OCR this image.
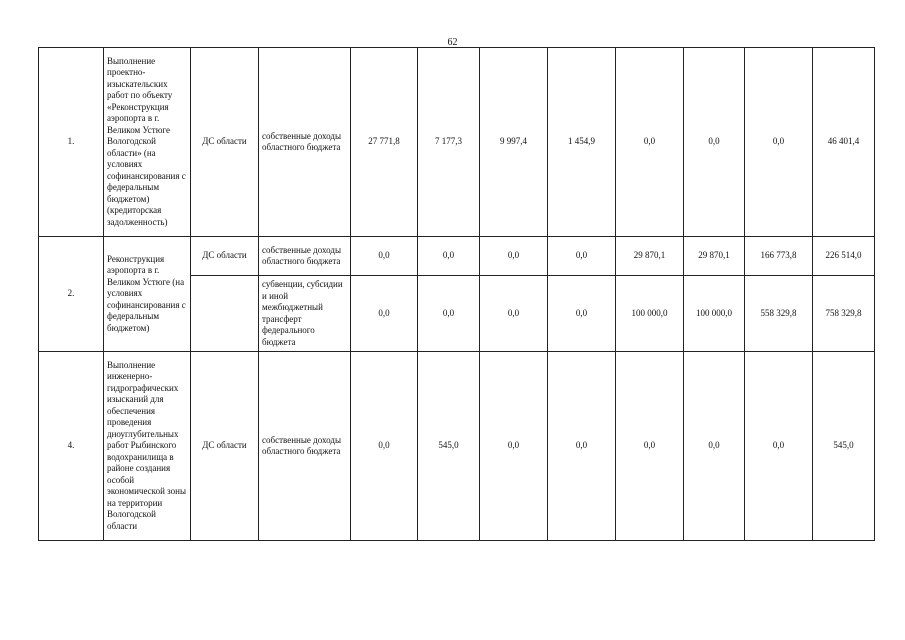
62
1.	Выполнение проектно-изыскательских работ по объекту «Реконструкция аэропорта в г. Великом Устюге Вологодской области» (на условиях софинансирования с федеральным бюджетом) (кредиторская задолженность)	ДС области	собственные доходы областного бюджета	27 771,8	7 177,3	9 997,4	1 454,9	0,0	0,0	0,0	46 401,4
2.	Реконструкция аэропорта в г. Великом Устюге (на условиях софинансирования с федеральным бюджетом)	ДС области	собственные доходы областного бюджета	0,0	0,0	0,0	0,0	29 870,1	29 870,1	166 773,8	226 514,0
			субвенции, субсидии и иной межбюджетный трансферт федерального бюджета	0,0	0,0	0,0	0,0	100 000,0	100 000,0	558 329,8	758 329,8
4.	Выполнение инженерно-гидрографических изысканий для обеспечения проведения дноуглубительных работ Рыбинского водохранилища в районе создания особой экономической зоны на территории Вологодской области	ДС области	собственные доходы областного бюджета	0,0	545,0	0,0	0,0	0,0	0,0	0,0	545,0
